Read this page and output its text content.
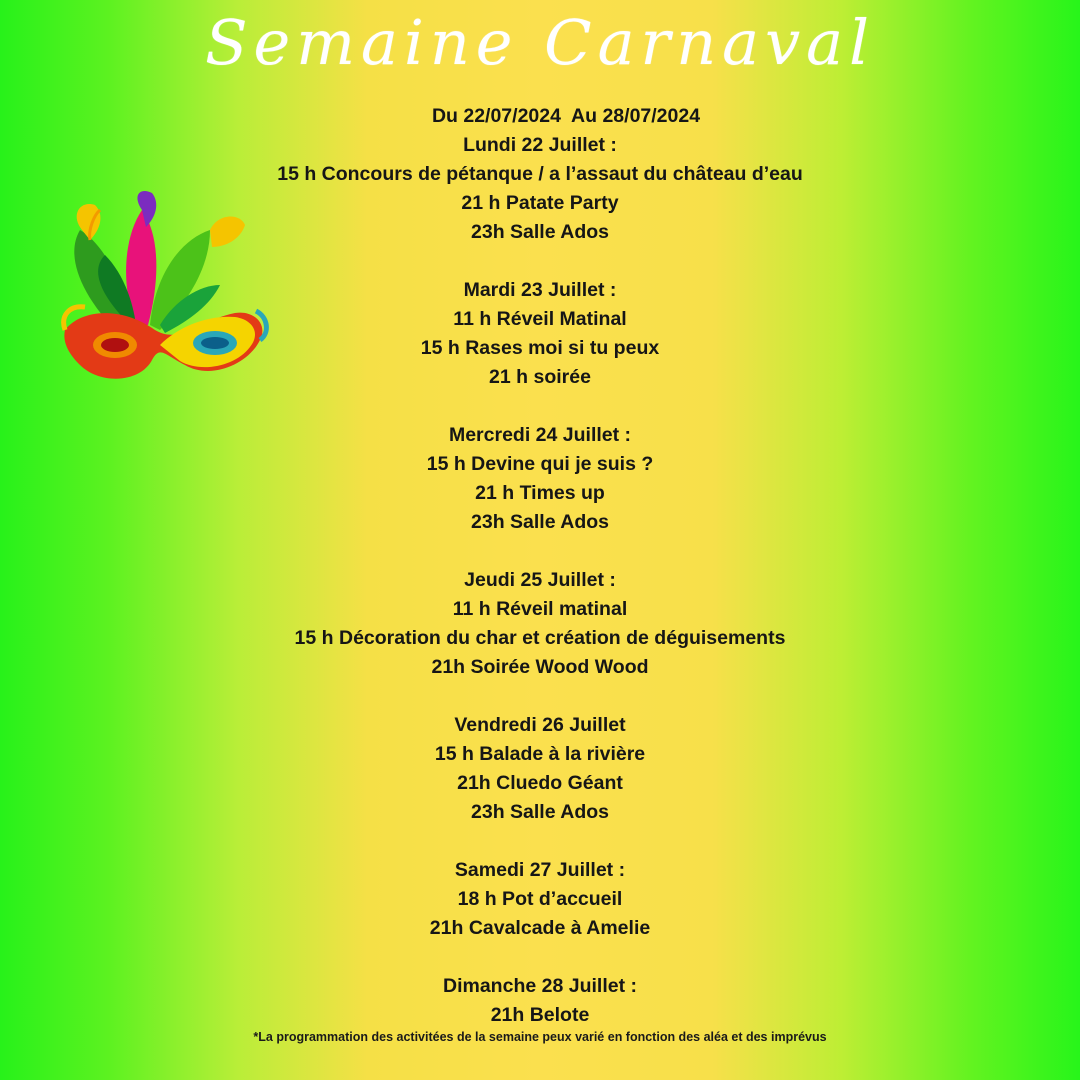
Semaine Carnaval
Du 22/07/2024  Au 28/07/2024
Lundi 22 Juillet :
15 h Concours de pétanque / a l’assaut du château d’eau
21 h Patate Party
23h Salle Ados
Mardi 23 Juillet :
11 h Réveil Matinal
15 h Rases moi si tu peux
21 h soirée
Mercredi 24 Juillet :
15 h Devine qui je suis ?
21 h Times up
23h Salle Ados
Jeudi 25 Juillet :
11 h Réveil matinal
15 h Décoration du char et création de déguisements
21h Soirée Wood Wood
Vendredi 26 Juillet
15 h Balade à la rivière
21h Cluedo Géant
23h Salle Ados
Samedi 27 Juillet :
18 h Pot d’accueil
21h Cavalcade à Amelie
Dimanche 28 Juillet :
21h Belote
*La programmation des activitées de la semaine peux varié en fonction des aléa et des imprévus
